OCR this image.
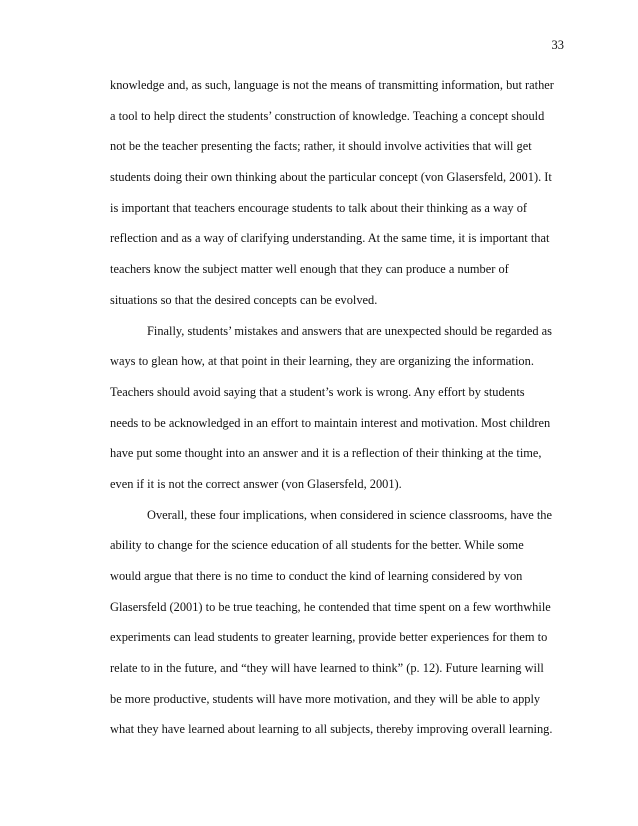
33
knowledge and, as such, language is not the means of transmitting information, but rather
a tool to help direct the students’ construction of knowledge. Teaching a concept should
not be the teacher presenting the facts; rather, it should involve activities that will get
students doing their own thinking about the particular concept (von Glasersfeld, 2001). It
is important that teachers encourage students to talk about their thinking as a way of
reflection and as a way of clarifying understanding. At the same time, it is important that
teachers know the subject matter well enough that they can produce a number of
situations so that the desired concepts can be evolved.
Finally, students’ mistakes and answers that are unexpected should be regarded as
ways to glean how, at that point in their learning, they are organizing the information.
Teachers should avoid saying that a student’s work is wrong. Any effort by students
needs to be acknowledged in an effort to maintain interest and motivation. Most children
have put some thought into an answer and it is a reflection of their thinking at the time,
even if it is not the correct answer (von Glasersfeld, 2001).
Overall, these four implications, when considered in science classrooms, have the
ability to change for the science education of all students for the better. While some
would argue that there is no time to conduct the kind of learning considered by von
Glasersfeld (2001) to be true teaching, he contended that time spent on a few worthwhile
experiments can lead students to greater learning, provide better experiences for them to
relate to in the future, and “they will have learned to think” (p. 12). Future learning will
be more productive, students will have more motivation, and they will be able to apply
what they have learned about learning to all subjects, thereby improving overall learning.
